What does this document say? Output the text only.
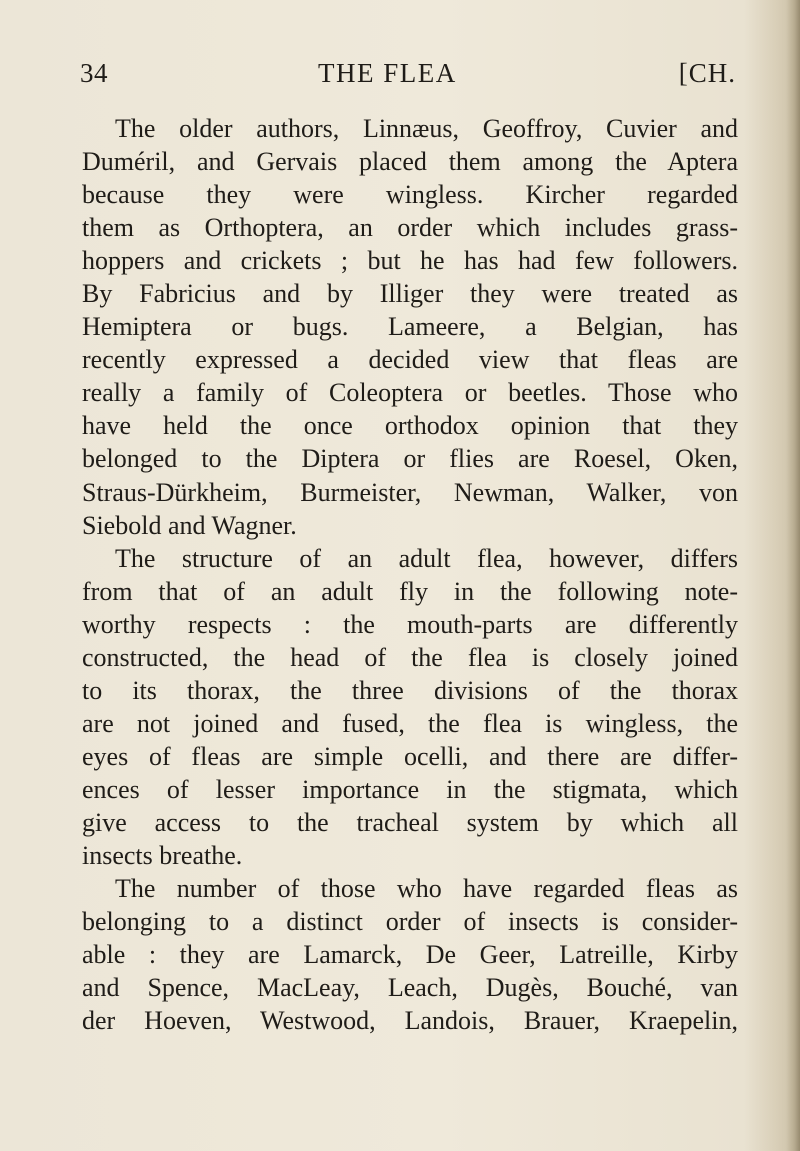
34	THE FLEA	[CH.
The older authors, Linnæus, Geoffroy, Cuvier and
Duméril, and Gervais placed them among the Aptera
because they were wingless. Kircher regarded
them as Orthoptera, an order which includes grass-
hoppers and crickets ; but he has had few followers.
By Fabricius and by Illiger they were treated as
Hemiptera or bugs. Lameere, a Belgian, has
recently expressed a decided view that fleas are
really a family of Coleoptera or beetles. Those who
have held the once orthodox opinion that they
belonged to the Diptera or flies are Roesel, Oken,
Straus-Dürkheim, Burmeister, Newman, Walker, von
Siebold and Wagner.
The structure of an adult flea, however, differs
from that of an adult fly in the following note-
worthy respects : the mouth-parts are differently
constructed, the head of the flea is closely joined
to its thorax, the three divisions of the thorax
are not joined and fused, the flea is wingless, the
eyes of fleas are simple ocelli, and there are differ-
ences of lesser importance in the stigmata, which
give access to the tracheal system by which all
insects breathe.
The number of those who have regarded fleas as
belonging to a distinct order of insects is consider-
able : they are Lamarck, De Geer, Latreille, Kirby
and Spence, MacLeay, Leach, Dugès, Bouché, van
der Hoeven, Westwood, Landois, Brauer, Kraepelin,
